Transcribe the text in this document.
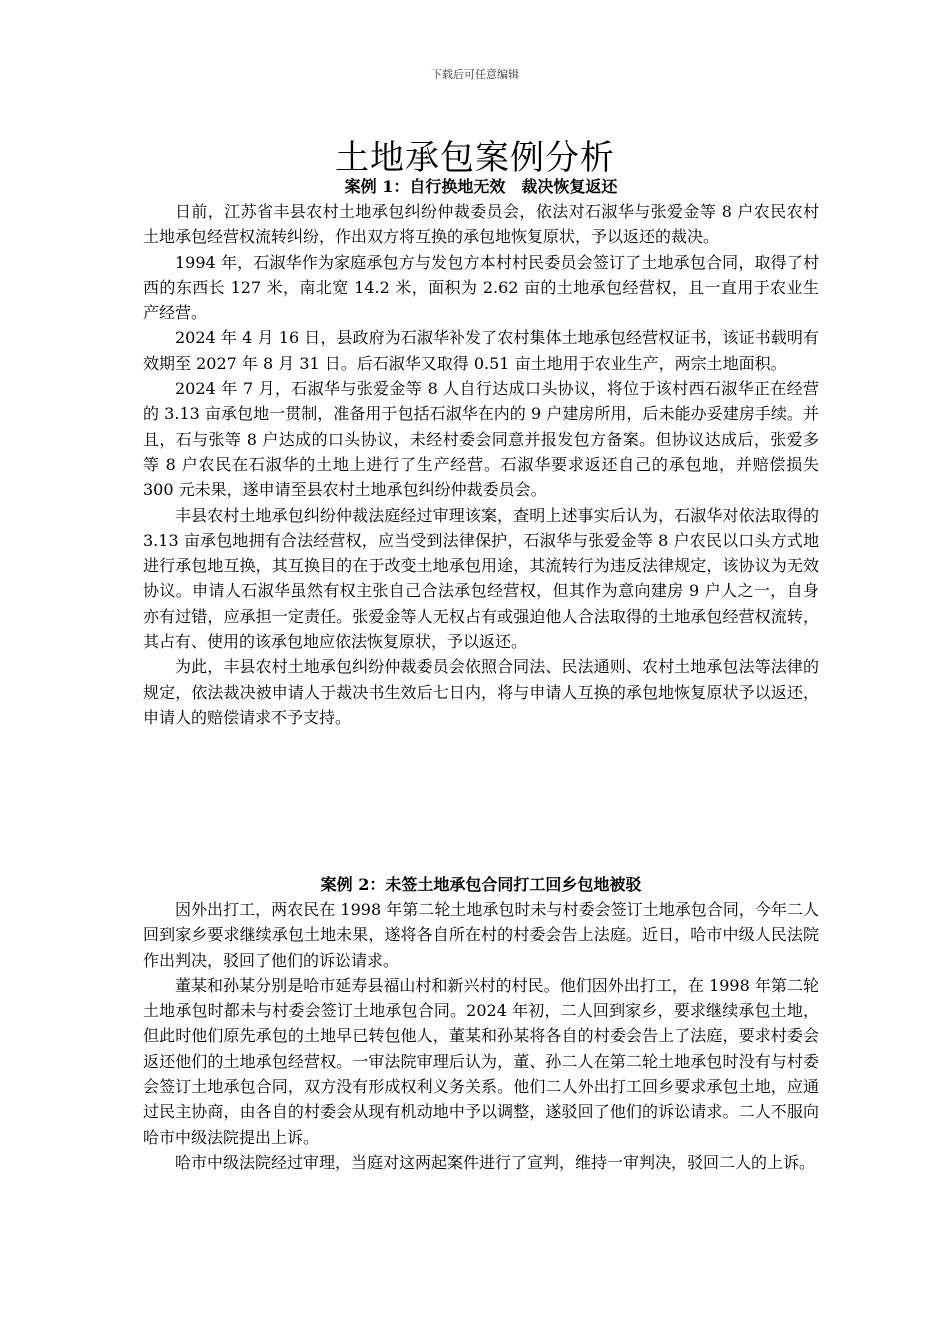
下载后可任意编辑
土地承包案例分析

案例 1：自行换地无效　裁决恢复返还

日前，江苏省丰县农村土地承包纠纷仲裁委员会，依法对石淑华与张爱金等 8 户农民农村土地承包经营权流转纠纷，作出双方将互换的承包地恢复原状，予以返还的裁决。

1994 年，石淑华作为家庭承包方与发包方本村村民委员会签订了土地承包合同，取得了村西的东西长 127 米，南北宽 14.2 米，面积为 2.62 亩的土地承包经营权，且一直用于农业生产经营。

2024 年 4 月 16 日，县政府为石淑华补发了农村集体土地承包经营权证书，该证书载明有效期至 2027 年 8 月 31 日。后石淑华又取得 0.51 亩土地用于农业生产，两宗土地面积。

2024 年 7 月，石淑华与张爱金等 8 人自行达成口头协议，将位于该村西石淑华正在经营的 3.13 亩承包地一贯制，准备用于包括石淑华在内的 9 户建房所用，后未能办妥建房手续。并且，石与张等 8 户达成的口头协议，未经村委会同意并报发包方备案。但协议达成后，张爱多等 8 户农民在石淑华的土地上进行了生产经营。石淑华要求返还自己的承包地，并赔偿损失 300 元未果，遂申请至县农村土地承包纠纷仲裁委员会。

丰县农村土地承包纠纷仲裁法庭经过审理该案，查明上述事实后认为，石淑华对依法取得的 3.13 亩承包地拥有合法经营权，应当受到法律保护，石淑华与张爱金等 8 户农民以口头方式地进行承包地互换，其互换目的在于改变土地承包用途，其流转行为违反法律规定，该协议为无效协议。申请人石淑华虽然有权主张自己合法承包经营权，但其作为意向建房 9 户人之一，自身亦有过错，应承担一定责任。张爱金等人无权占有或强迫他人合法取得的土地承包经营权流转，其占有、使用的该承包地应依法恢复原状，予以返还。

为此，丰县农村土地承包纠纷仲裁委员会依照合同法、民法通则、农村土地承包法等法律的规定，依法裁决被申请人于裁决书生效后七日内，将与申请人互换的承包地恢复原状予以返还，申请人的赔偿请求不予支持。

案例 2：未签土地承包合同打工回乡包地被驳

因外出打工，两农民在 1998 年第二轮土地承包时未与村委会签订土地承包合同，今年二人回到家乡要求继续承包土地未果，遂将各自所在村的村委会告上法庭。近日，哈市中级人民法院作出判决，驳回了他们的诉讼请求。

董某和孙某分别是哈市延寿县福山村和新兴村的村民。他们因外出打工，在 1998 年第二轮土地承包时都未与村委会签订土地承包合同。2024 年初，二人回到家乡，要求继续承包土地，但此时他们原先承包的土地早已转包他人，董某和孙某将各自的村委会告上了法庭，要求村委会返还他们的土地承包经营权。一审法院审理后认为，董、孙二人在第二轮土地承包时没有与村委会签订土地承包合同，双方没有形成权利义务关系。他们二人外出打工回乡要求承包土地，应通过民主协商，由各自的村委会从现有机动地中予以调整，遂驳回了他们的诉讼请求。二人不服向哈市中级法院提出上诉。

哈市中级法院经过审理，当庭对这两起案件进行了宣判，维持一审判决，驳回二人的上诉。
